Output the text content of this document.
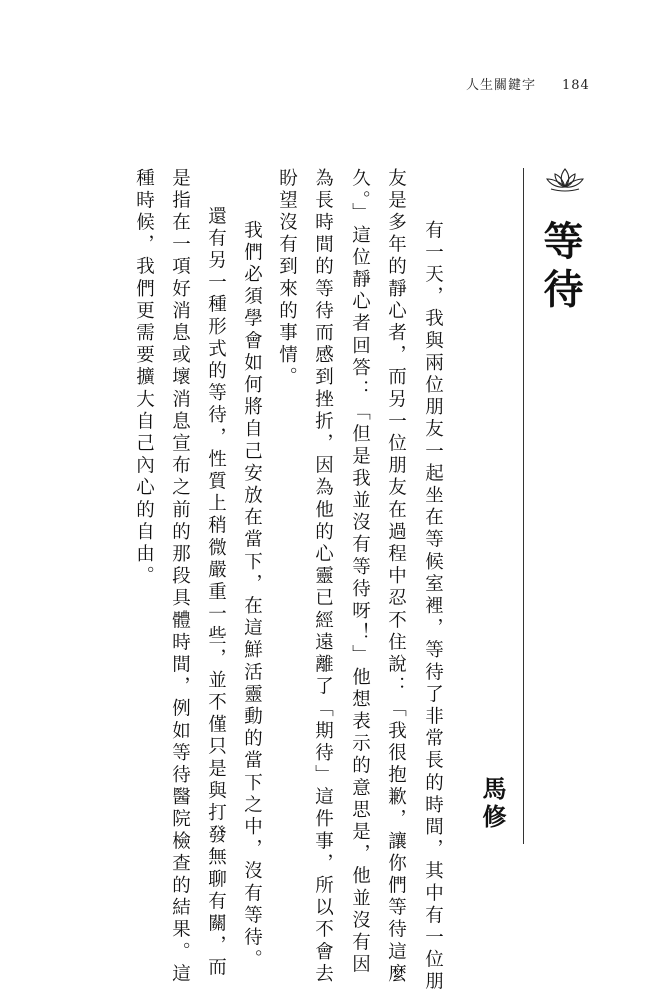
人生關鍵字 184
等待
馬修
有一天，我與兩位朋友一起坐在等候室裡，等待了非常長的時間，其中有一位朋
友是多年的靜心者，而另一位朋友在過程中忍不住說：「我很抱歉，讓你們等待這麼
久。」這位靜心者回答：「但是我並沒有等待呀！」他想表示的意思是，他並沒有因
為長時間的等待而感到挫折，因為他的心靈已經遠離了「期待」這件事，所以不會去
盼望沒有到來的事情。
我們必須學會如何將自己安放在當下，在這鮮活靈動的當下之中，沒有等待。
還有另一種形式的等待，性質上稍微嚴重一些，並不僅只是與打發無聊有關，而
是指在一項好消息或壞消息宣布之前的那段具體時間，例如等待醫院檢查的結果。這
種時候，我們更需要擴大自己內心的自由。
